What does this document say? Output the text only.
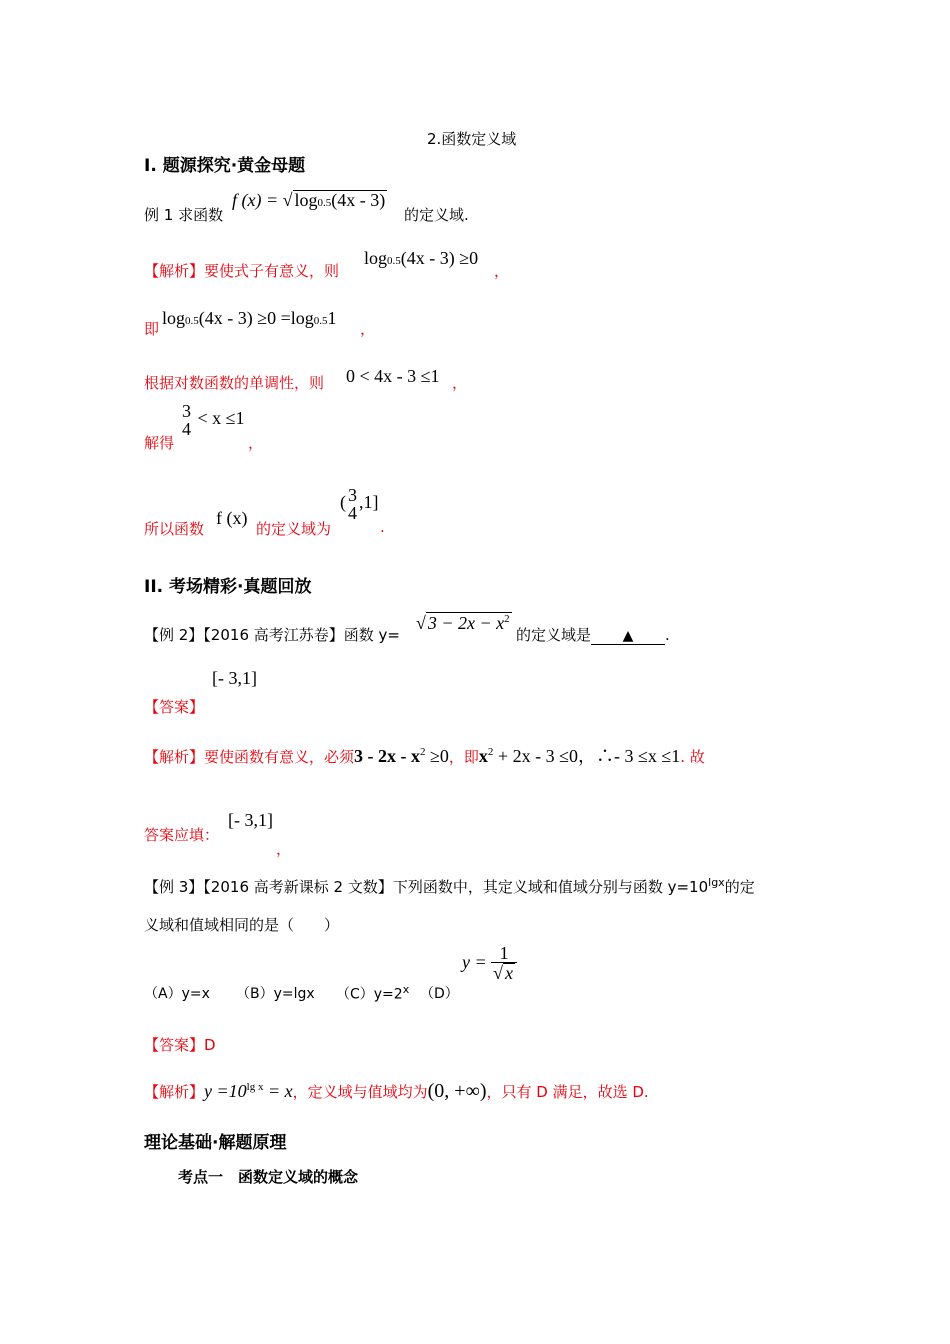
2.函数定义域
I. 题源探究·黄金母题
例 1 求函数
f (x) = √ log0.5(4x - 3)
的定义域.
【解析】要使式子有意义，则
log0.5(4x - 3) ≥0
，
即
log0.5(4x - 3) ≥0 =log0.51
，
根据对数函数的单调性，则 0 < 4x - 3 ≤1 ，
3
4
< x ≤1
解得	，
所以函数
f (x)
的定义域为
( 3
4
,1]
.
II. 考场精彩·真题回放
【例 2】【2016 高考江苏卷】函数 y=
√ $3 - 2x - x^2$
的定义域是 ▲ .
[- 3,1]
【答案】
【解析】要使函数有意义，必须$3 - 2x - x^2 \ge 0$，即$x^2 + 2x - 3 \le 0$，∴- 3 ≤x ≤1. 故
答案应填：
[- 3,1]
，
【例 3】【2016 高考新课标 2 文数】下列函数中，其定义域和值域分别与函数 $y=10^{lgx}$的定
义域和值域相同的是（　　）
（A）y=x （B）y=lgx $(C)y=2^x$ （D）
$y = \frac{1}{√ x}$
【答案】D
【解析】$y =10^{lg x} = x$，定义域与值域均为(0, +∞)，只有 D 满足，故选 D.
理论基础·解题原理
考点一　函数定义域的概念
